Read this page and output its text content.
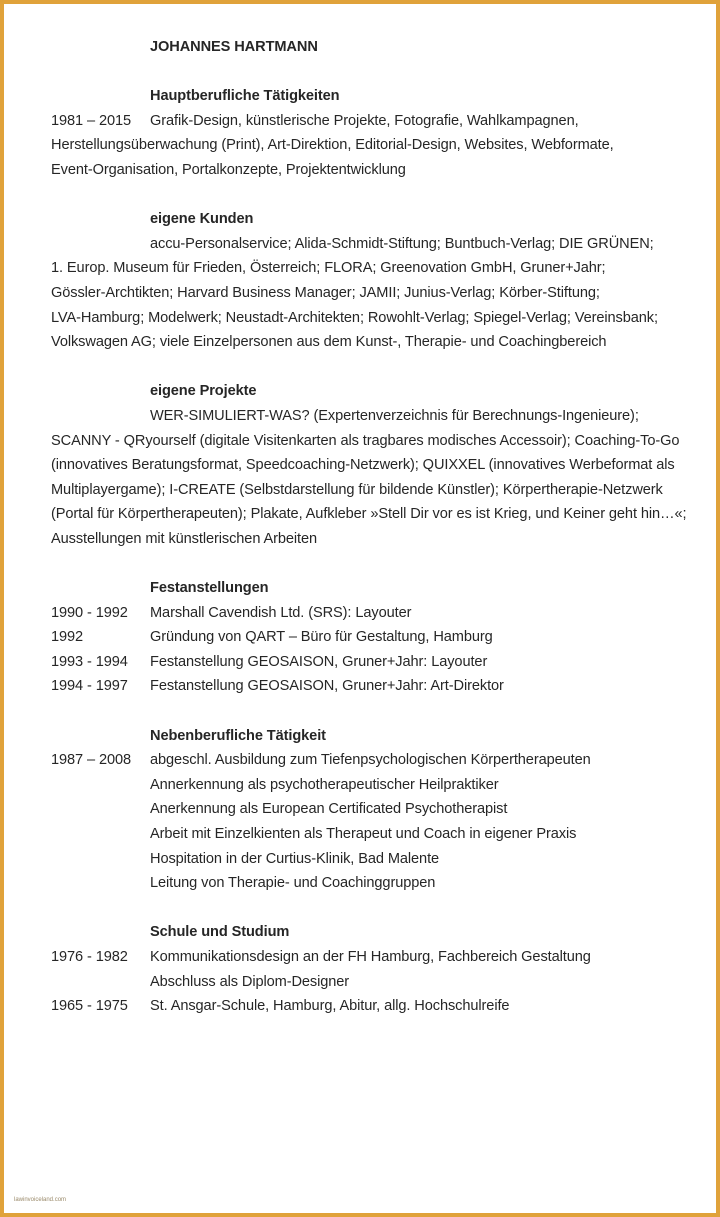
JOHANNES HARTMANN

Hauptberufliche Tätigkeiten

1981 – 2015	Grafik-Design, künstlerische Projekte, Fotografie, Wahlkampagnen,

Herstellungsüberwachung (Print), Art-Direktion, Editorial-Design, Websites, Webformate,

Event-Organisation, Portalkonzepte, Projektentwicklung

eigene Kunden

accu-Personalservice; Alida-Schmidt-Stiftung; Buntbuch-Verlag; DIE GRÜNEN;

1. Europ. Museum für Frieden, Österreich; FLORA; Greenovation GmbH, Gruner+Jahr;

Gössler-Archtikten; Harvard Business Manager; JAMII; Junius-Verlag; Körber-Stiftung;

LVA-Hamburg; Modelwerk; Neustadt-Architekten; Rowohlt-Verlag; Spiegel-Verlag; Vereinsbank;

Volkswagen AG; viele Einzelpersonen aus dem Kunst-, Therapie- und Coachingbereich

eigene Projekte

WER-SIMULIERT-WAS? (Expertenverzeichnis für Berechnungs-Ingenieure);

SCANNY - QRyourself (digitale Visitenkarten als tragbares modisches Accessoir); Coaching-To-Go

(innovatives Beratungsformat, Speedcoaching-Netzwerk); QUIXXEL (innovatives Werbeformat als

Multiplayergame); I-CREATE (Selbstdarstellung für bildende Künstler); Körpertherapie-Netzwerk

(Portal für Körpertherapeuten); Plakate, Aufkleber »Stell Dir vor es ist Krieg, und Keiner geht hin…«;

Ausstellungen mit künstlerischen Arbeiten

Festanstellungen

1990 - 1992	Marshall Cavendish Ltd. (SRS): Layouter
1992	Gründung von QART – Büro für Gestaltung, Hamburg
1993 - 1994	Festanstellung GEOSAISON, Gruner+Jahr: Layouter
1994 - 1997	Festanstellung GEOSAISON, Gruner+Jahr: Art-Direktor

Nebenberufliche Tätigkeit

1987 – 2008	abgeschl. Ausbildung zum Tiefenpsychologischen Körpertherapeuten

Annerkennung als psychotherapeutischer Heilpraktiker

Anerkennung als European Certificated Psychotherapist

Arbeit mit Einzelkienten als Therapeut und Coach in eigener Praxis

Hospitation in der Curtius-Klinik, Bad Malente

Leitung von Therapie- und Coachinggruppen

Schule und Studium

1976 - 1982	Kommunikationsdesign an der FH Hamburg, Fachbereich Gestaltung

Abschluss als Diplom-Designer
1965 - 1975	St. Ansgar-Schule, Hamburg, Abitur, allg. Hochschulreife
lawinvoiceland.com
